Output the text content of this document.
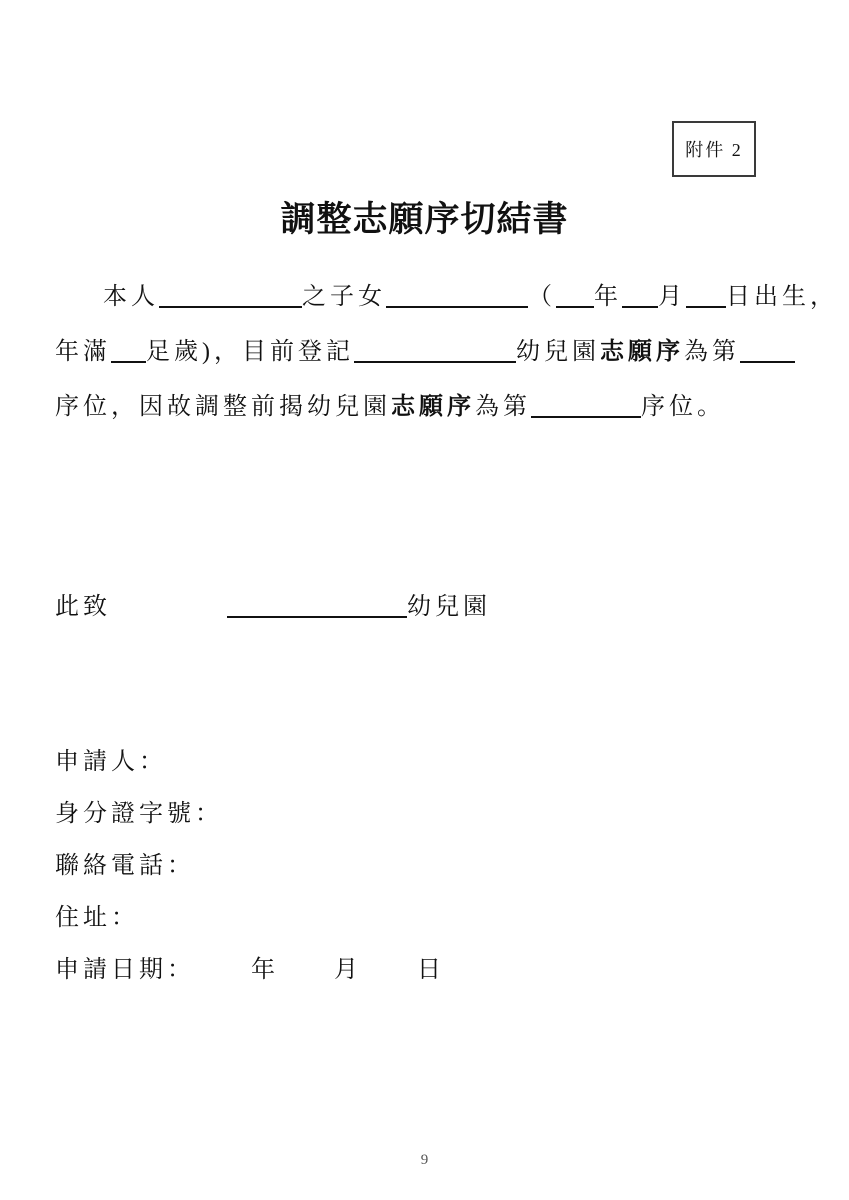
附件 2
調整志願序切結書
本人	之子女	（ 年 月 日出生，
年滿 足歲)，目前登記	幼兒園志願序為第
序位，因故調整前揭幼兒園志願序為第	序位。
此致	幼兒園
申請人：
身分證字號：
聯絡電話：
住址：
申請日期： 年 月 日
9
